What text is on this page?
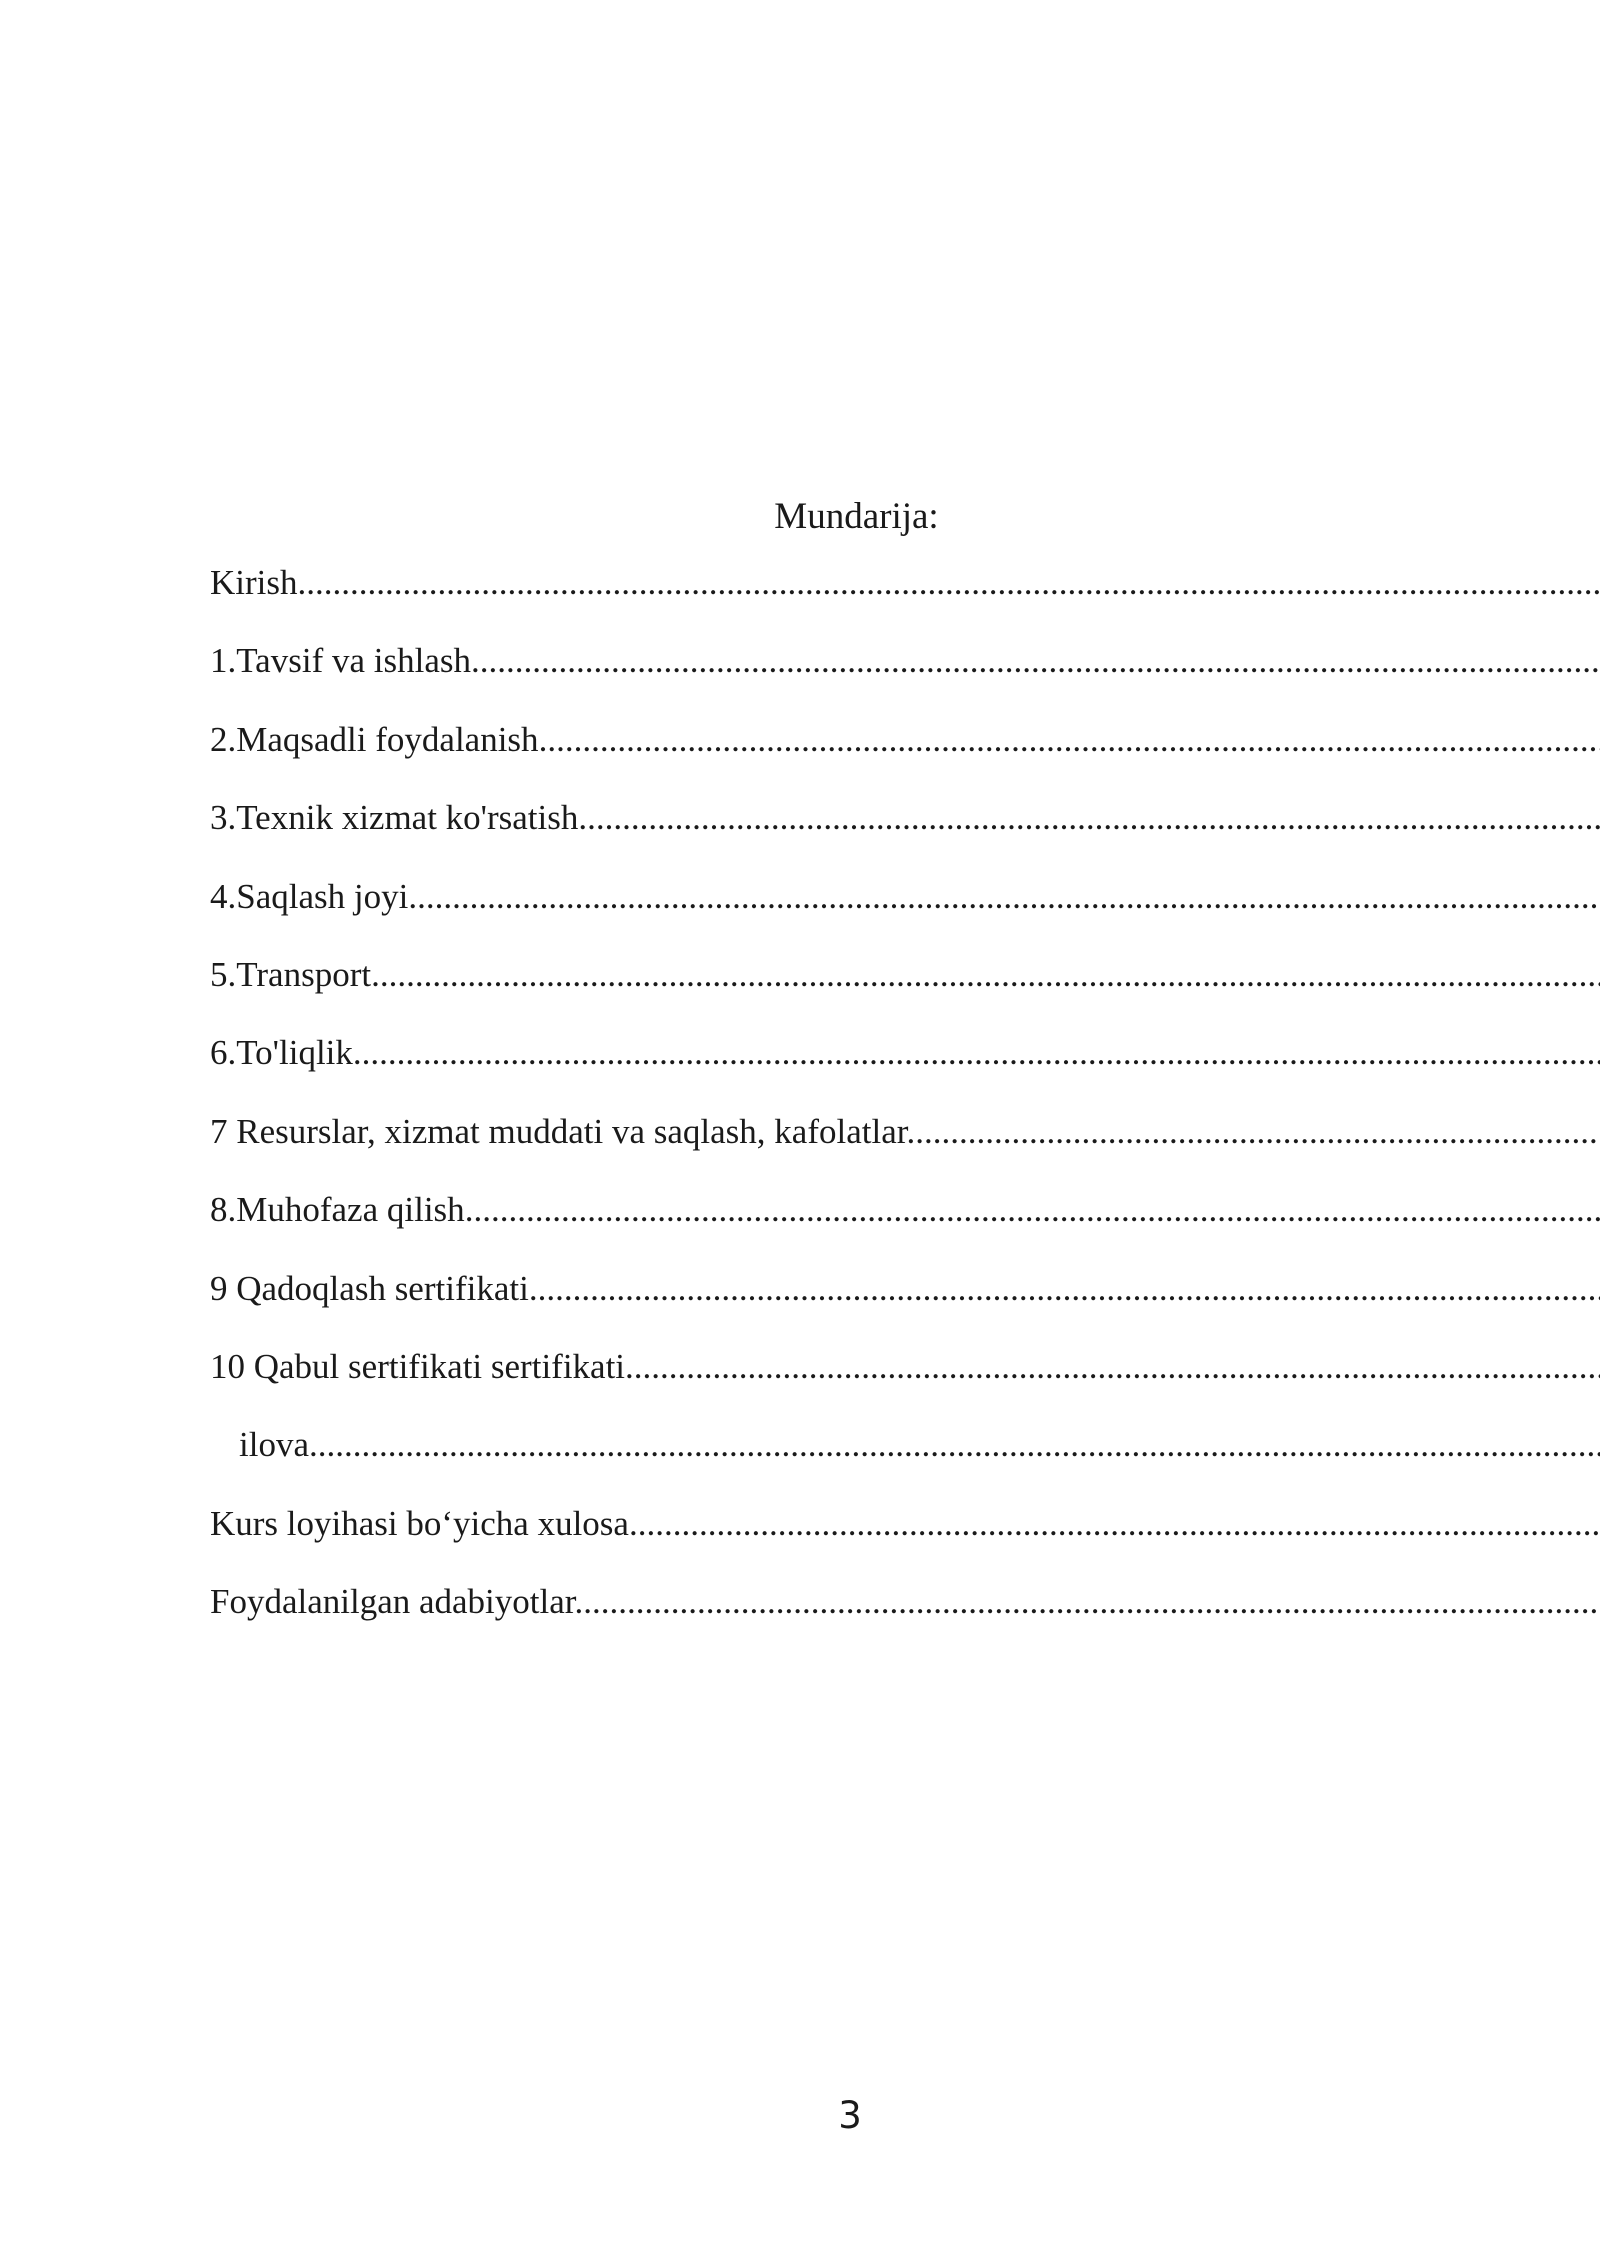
Mundarija:
Kirish .....
1.Tavsif va ishlash .....
2.Maqsadli foydalanish .....
3.Texnik xizmat ko'rsatish .....
4.Saqlash joyi .....
5.Transport .....
6.To'liqlik .....
7 Resurslar, xizmat muddati va saqlash, kafolatlar .....
8.Muhofaza qilish .....
9 Qadoqlash sertifikati .....
10 Qabul sertifikati sertifikati .....
ilova .....
Kurs loyihasi bo‘yicha xulosa .....
Foydalanilgan adabiyotlar .....
3
